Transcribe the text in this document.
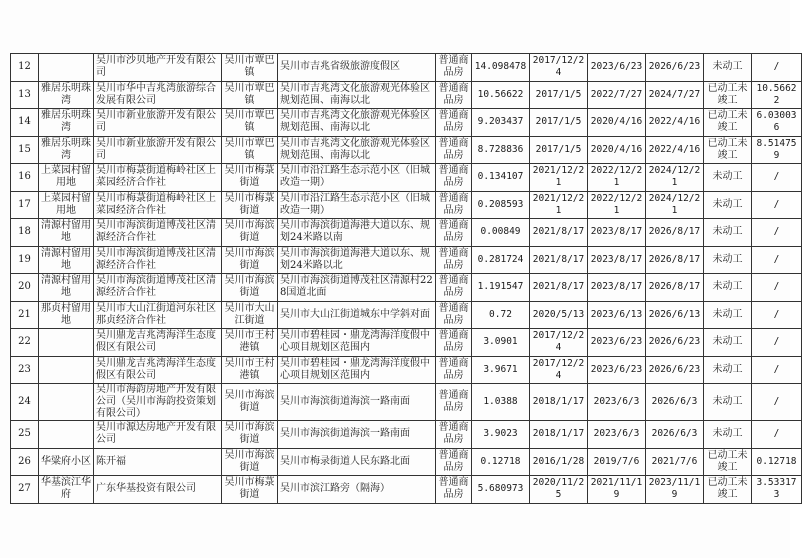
12		吴川市沙贝地产开发有限公司	吴川市覃巴镇	吴川市吉兆省级旅游度假区	普通商品房	14.098478	2017/12/24	2023/6/23	2026/6/23	未动工	/
13	雅居乐明珠湾	吴川市华中吉兆湾旅游综合发展有限公司	吴川市覃巴镇	吴川市吉兆湾文化旅游观光体验区规划范围、南海以北	普通商品房	10.56622	2017/1/5	2022/7/27	2024/7/27	已动工未竣工	10.56622
14	雅居乐明珠湾	吴川市新业旅游开发有限公司	吴川市覃巴镇	吴川市吉兆湾文化旅游观光体验区规划范围、南海以北	普通商品房	9.203437	2017/1/5	2020/4/16	2022/4/16	已动工未竣工	6.030036
15	雅居乐明珠湾	吴川市新业旅游开发有限公司	吴川市覃巴镇	吴川市吉兆湾文化旅游观光体验区规划范围、南海以北	普通商品房	8.728836	2017/1/5	2020/4/16	2022/4/16	已动工未竣工	8.514759
16	上菜园村留用地	吴川市梅菉街道梅岭社区上菜园经济合作社	吴川市梅菉街道	吴川市沿江路生态示范小区（旧城改造一期）	普通商品房	0.134107	2021/12/21	2022/12/21	2024/12/21	未动工	/
17	上菜园村留用地	吴川市梅菉街道梅岭社区上菜园经济合作社	吴川市梅菉街道	吴川市沿江路生态示范小区（旧城改造一期）	普通商品房	0.208593	2021/12/21	2022/12/21	2024/12/21	未动工	/
18	清源村留用地	吴川市海滨街道博茂社区清源经济合作社	吴川市海滨街道	吴川市海滨街道海港大道以东、规划24米路以南	普通商品房	0.00849	2021/8/17	2023/8/17	2026/8/17	未动工	/
19	清源村留用地	吴川市海滨街道博茂社区清源经济合作社	吴川市海滨街道	吴川市海滨街道海港大道以东、规划24米路以北	普通商品房	0.281724	2021/8/17	2023/8/17	2026/8/17	未动工	/
20	清源村留用地	吴川市海滨街道博茂社区清源经济合作社	吴川市海滨街道	吴川市海滨街道博茂社区清源村228国道北面	普通商品房	1.191547	2021/8/17	2023/8/17	2026/8/17	未动工	/
21	那贞村留用地	吴川市大山江街道河东社区那贞经济合作社	吴川市大山江街道	吴川市大山江街道城东中学斜对面	普通商品房	0.72	2020/5/13	2023/6/13	2026/6/13	未动工	/
22		吴川鼎龙吉兆湾海洋生态度假区有限公司	吴川市王村港镇	吴川市碧桂园・鼎龙湾海洋度假中心项目规划区范围内	普通商品房	3.0901	2017/12/24	2023/6/23	2026/6/23	未动工	/
23		吴川鼎龙吉兆湾海洋生态度假区有限公司	吴川市王村港镇	吴川市碧桂园・鼎龙湾海洋度假中心项目规划区范围内	普通商品房	3.9671	2017/12/24	2023/6/23	2026/6/23	未动工	/
24		吴川市海韵房地产开发有限公司（吴川市海韵投资策划有限公司）	吴川市海滨街道	吴川市海滨街道海滨一路南面	普通商品房	1.0388	2018/1/17	2023/6/3	2026/6/3	未动工	/
25		吴川市源达房地产开发有限公司	吴川市海滨街道	吴川市海滨街道海滨一路南面	普通商品房	3.9023	2018/1/17	2023/6/3	2026/6/3	未动工	/
26	华粱府小区	陈开福	吴川市海滨街道	吴川市梅录街道人民东路北面	普通商品房	0.12718	2016/1/28	2019/7/6	2021/7/6	已动工未竣工	0.12718
27	华基滨江华府	广东华基投资有限公司	吴川市梅菉街道	吴川市滨江路旁（隔海）	普通商品房	5.680973	2020/11/25	2021/11/19	2023/11/19	已动工未竣工	3.533173
